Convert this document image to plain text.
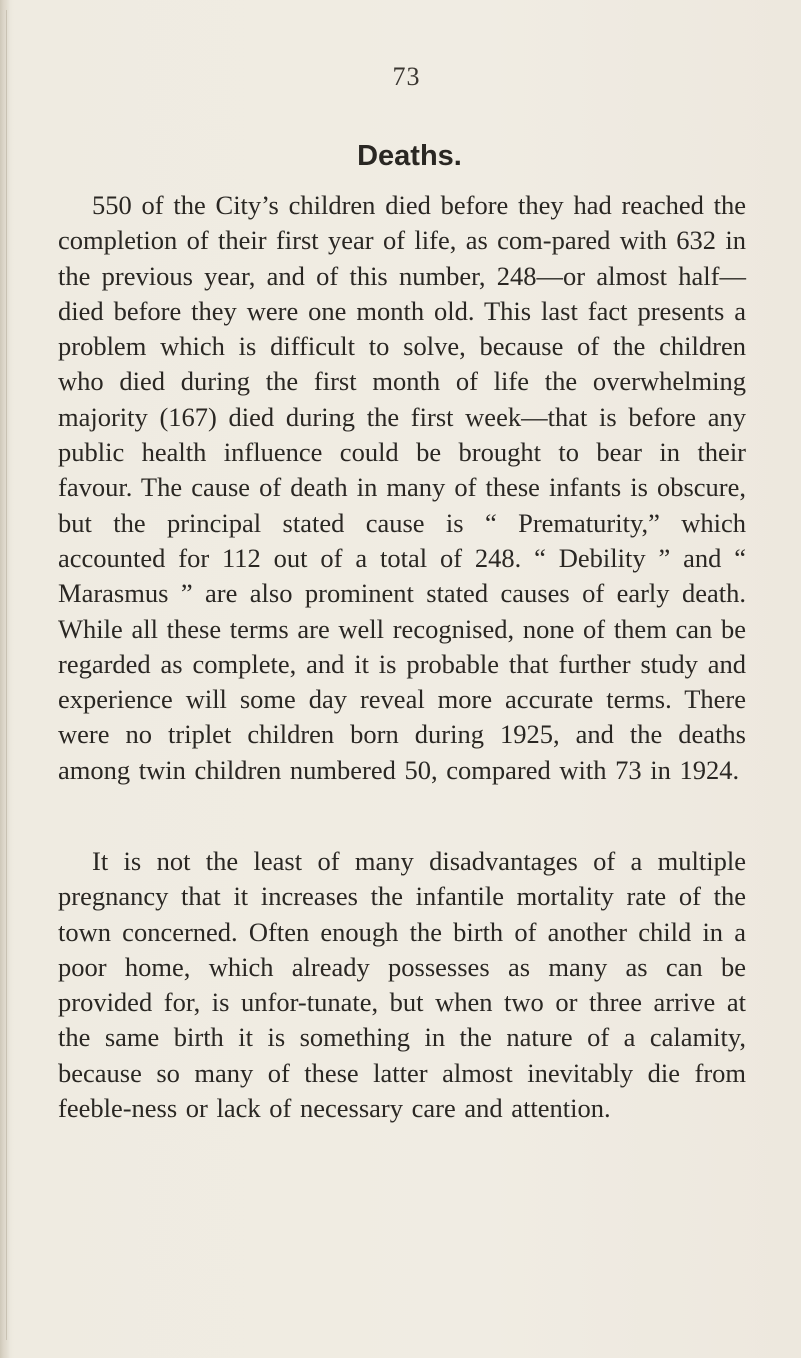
73
Deaths.

550 of the City’s children died before they had reached the completion of their first year of life, as com-pared with 632 in the previous year, and of this number, 248—or almost half—died before they were one month old. This last fact presents a problem which is difficult to solve, because of the children who died during the first month of life the overwhelming majority (167) died during the first week—that is before any public health influence could be brought to bear in their favour. The cause of death in many of these infants is obscure, but the principal stated cause is “ Prematurity,” which accounted for 112 out of a total of 248. “ Debility ” and “ Marasmus ” are also prominent stated causes of early death. While all these terms are well recognised, none of them can be regarded as complete, and it is probable that further study and experience will some day reveal more accurate terms. There were no triplet children born during 1925, and the deaths among twin children numbered 50, compared with 73 in 1924.

It is not the least of many disadvantages of a multiple pregnancy that it increases the infantile mortality rate of the town concerned. Often enough the birth of another child in a poor home, which already possesses as many as can be provided for, is unfor-tunate, but when two or three arrive at the same birth it is something in the nature of a calamity, because so many of these latter almost inevitably die from feeble-ness or lack of necessary care and attention.
